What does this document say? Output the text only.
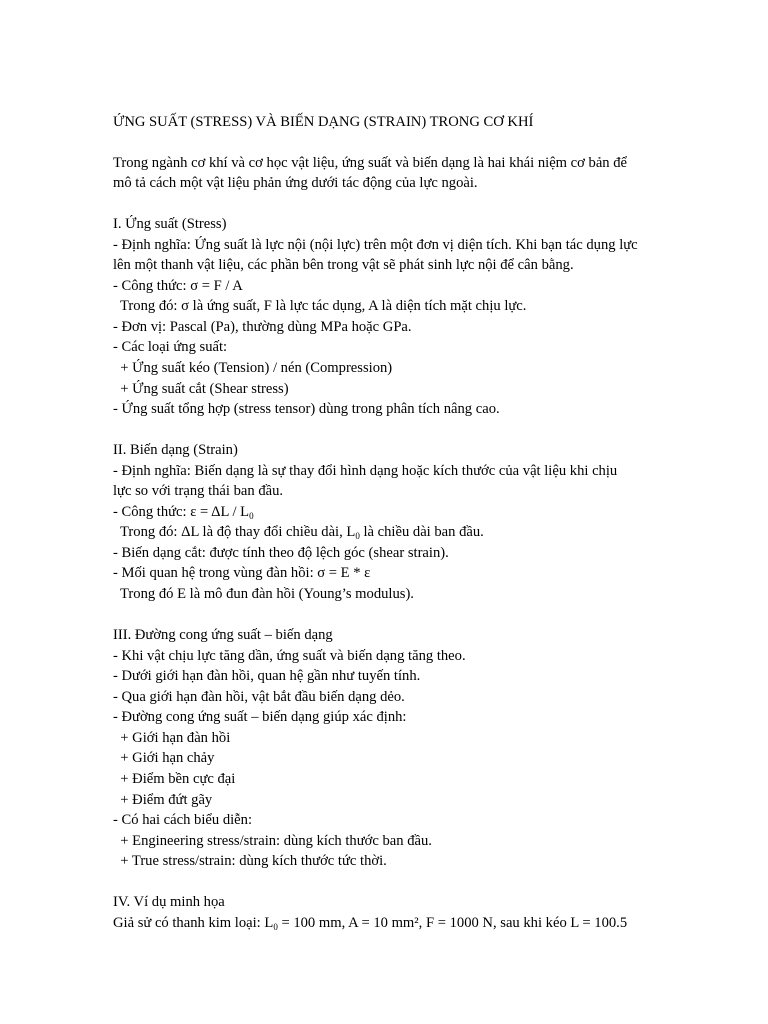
ỨNG SUẤT (STRESS) VÀ BIẾN DẠNG (STRAIN) TRONG CƠ KHÍ
Trong ngành cơ khí và cơ học vật liệu, ứng suất và biến dạng là hai khái niệm cơ bản để
mô tả cách một vật liệu phản ứng dưới tác động của lực ngoài.
I. Ứng suất (Stress)
- Định nghĩa: Ứng suất là lực nội (nội lực) trên một đơn vị diện tích. Khi bạn tác dụng lực
lên một thanh vật liệu, các phần bên trong vật sẽ phát sinh lực nội để cân bằng.
- Công thức: σ = F / A
Trong đó: σ là ứng suất, F là lực tác dụng, A là diện tích mặt chịu lực.
- Đơn vị: Pascal (Pa), thường dùng MPa hoặc GPa.
- Các loại ứng suất:
+ Ứng suất kéo (Tension) / nén (Compression)
+ Ứng suất cắt (Shear stress)
- Ứng suất tổng hợp (stress tensor) dùng trong phân tích nâng cao.
II. Biến dạng (Strain)
- Định nghĩa: Biến dạng là sự thay đổi hình dạng hoặc kích thước của vật liệu khi chịu
lực so với trạng thái ban đầu.
- Công thức: $\varepsilon = \Delta L / L_0$
Trong đó: ΔL là độ thay đổi chiều dài, $L_0$ là chiều dài ban đầu.
- Biến dạng cắt: được tính theo độ lệch góc (shear strain).
- Mối quan hệ trong vùng đàn hồi: σ = E * ε
Trong đó E là mô đun đàn hồi (Young’s modulus).
III. Đường cong ứng suất – biến dạng
- Khi vật chịu lực tăng dần, ứng suất và biến dạng tăng theo.
- Dưới giới hạn đàn hồi, quan hệ gần như tuyến tính.
- Qua giới hạn đàn hồi, vật bắt đầu biến dạng dẻo.
- Đường cong ứng suất – biến dạng giúp xác định:
+ Giới hạn đàn hồi
+ Giới hạn chảy
+ Điểm bền cực đại
+ Điểm đứt gãy
- Có hai cách biểu diễn:
+ Engineering stress/strain: dùng kích thước ban đầu.
+ True stress/strain: dùng kích thước tức thời.
IV. Ví dụ minh họa
Giả sử có thanh kim loại: $L_0 = 100$ mm, A = 10 mm², F = 1000 N, sau khi kéo L = 100.5
